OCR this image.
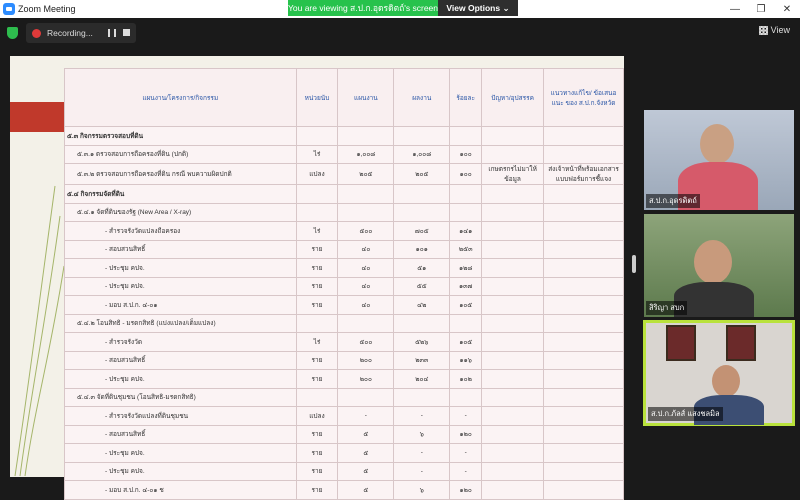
Zoom Meeting	—	❐	✕
You are viewing ส.ป.ก.อุดรดิตถ์'s screen View Options ⌄
Recording...	View
แผนงาน/โครงการ/กิจกรรม	หน่วยนับ	แผนงาน	ผลงาน	ร้อยละ	ปัญหา/อุปสรรค	แนวทางแก้ไข/ ข้อเสนอแนะ ของ ส.ป.ก.จังหวัด
๕.๓ กิจกรรมตรวจสอบที่ดิน						
๕.๓.๑ ตรวจสอบการถือครองที่ดิน (ปกติ)	ไร่	๑,๐๐๘	๑,๐๐๘	๑๐๐		
๕.๓.๒ ตรวจสอบการถือครองที่ดิน กรณี พบความผิดปกติ	แปลง	๒๐๕	๒๐๕	๑๐๐	เกษตรกรไม่มาให้ข้อมูล	ส่งเจ้าหน้าที่พร้อมเอกสาร แบบฟอร์มการชี้แจง
๕.๔ กิจกรรมจัดที่ดิน						
๕.๔.๑ จัดที่ดินของรัฐ (New Area / X-ray)						
- สำรวจรังวัดแปลงถือครอง	ไร่	๕๐๐	๗๐๕	๑๔๑		
- สอบสวนสิทธิ์	ราย	๔๐	๑๐๑	๒๕๓		
- ประชุม คปจ.	ราย	๔๐	๕๑	๑๒๘		
- ประชุม คปจ.	ราย	๔๐	๕๕	๑๓๗		
- มอบ ส.ป.ก. ๔-๐๑	ราย	๔๐	๔๒	๑๐๕		
๕.๔.๒ โอนสิทธิ - มรดกสิทธิ (แบ่งแปลง/เต็มแปลง)						
- สำรวจรังวัด	ไร่	๕๐๐	๕๒๖	๑๐๕		
- สอบสวนสิทธิ์	ราย	๒๐๐	๒๓๓	๑๑๖		
- ประชุม คปจ.	ราย	๒๐๐	๒๐๔	๑๐๒		
๕.๔.๓ จัดที่ดินชุมชน (โอนสิทธิ-มรดกสิทธิ)						
- สำรวจรังวัดแปลงที่ดินชุมชน	แปลง	-	-	-		
- สอบสวนสิทธิ์	ราย	๕	๖	๑๒๐		
- ประชุม คปจ.	ราย	๕	-	-		
- ประชุม คปจ.	ราย	๕	-	-		
- มอบ ส.ป.ก. ๔-๐๑ ช	ราย	๕	๖	๑๒๐		
ส.ป.ก.อุดรดิตถ์
สิริญา สบก
ส.ป.ก.ภ้ลส์ แสงชลมิล
